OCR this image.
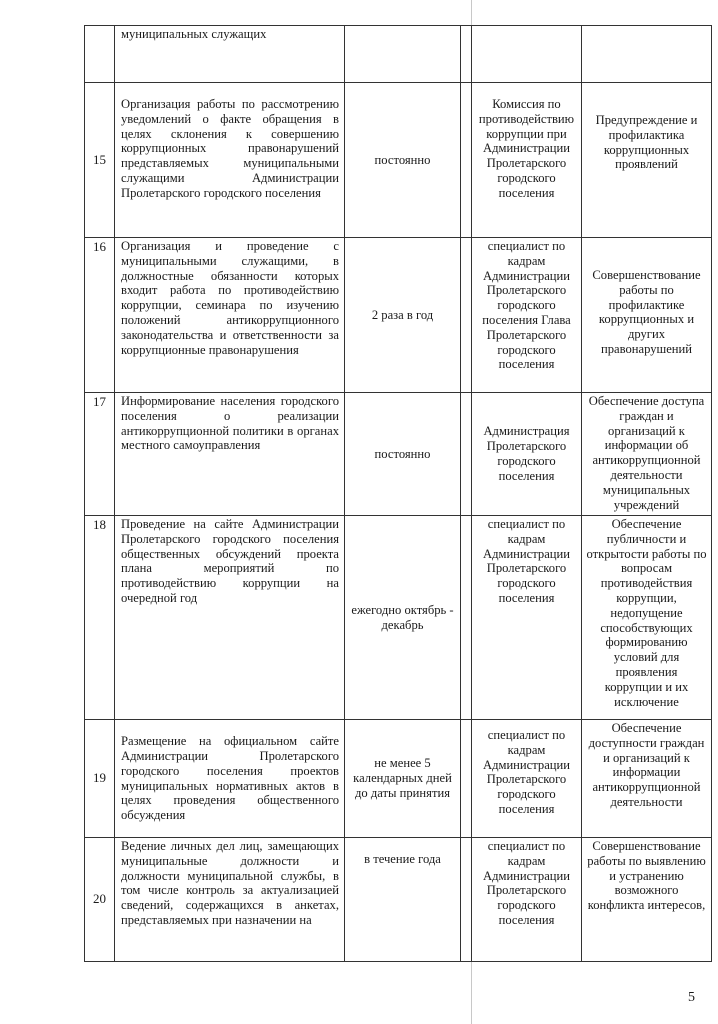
	муниципальных служащих				
15	Организация работы по рассмотрению уведомлений о факте обращения в целях склонения к совершению коррупционных правонарушений представляемых муниципальными служащими Администрации Пролетарского городского поселения	постоянно		Комиссия по противодействию коррупции при Администрации Пролетарского городского поселения	Предупреждение и профилактика коррупционных проявлений
16	Организация и проведение с муниципальными служащими, в должностные обязанности которых входит работа по противодействию коррупции, семинара по изучению положений антикоррупционного законодательства и ответственности за коррупционные правонарушения	2 раза в год		специалист по кадрам Администрации Пролетарского городского поселения Глава Пролетарского городского поселения	Совершенствование работы по профилактике коррупционных и других правонарушений
17	Информирование населения городского поселения о реализации антикоррупционной политики в органах местного самоуправления	постоянно		Администрация Пролетарского городского поселения	Обеспечение доступа граждан и организаций к информации об антикоррупционной деятельности муниципальных учреждений
18	Проведение на сайте Администрации Пролетарского городского поселения общественных обсуждений проекта плана мероприятий по противодействию коррупции на очередной год	ежегодно октябрь - декабрь		специалист по кадрам Администрации Пролетарского городского поселения	Обеспечение публичности и открытости работы по вопросам противодействия коррупции, недопущение способствующих формированию условий для проявления коррупции и их исключение
19	Размещение на официальном сайте Администрации Пролетарского городского поселения проектов муниципальных нормативных актов в целях проведения общественного обсуждения	не менее 5 календарных дней до даты принятия		специалист по кадрам Администрации Пролетарского городского поселения	Обеспечение доступности граждан и организаций к информации антикоррупционной деятельности
20	Ведение личных дел лиц, замещающих муниципальные должности и должности муниципальной службы, в том числе контроль за актуализацией сведений, содержащихся в анкетах, представляемых при назначении на	в течение года		специалист по кадрам Администрации Пролетарского городского поселения	Совершенствование работы по выявлению и устранению возможного конфликта интересов,
5
